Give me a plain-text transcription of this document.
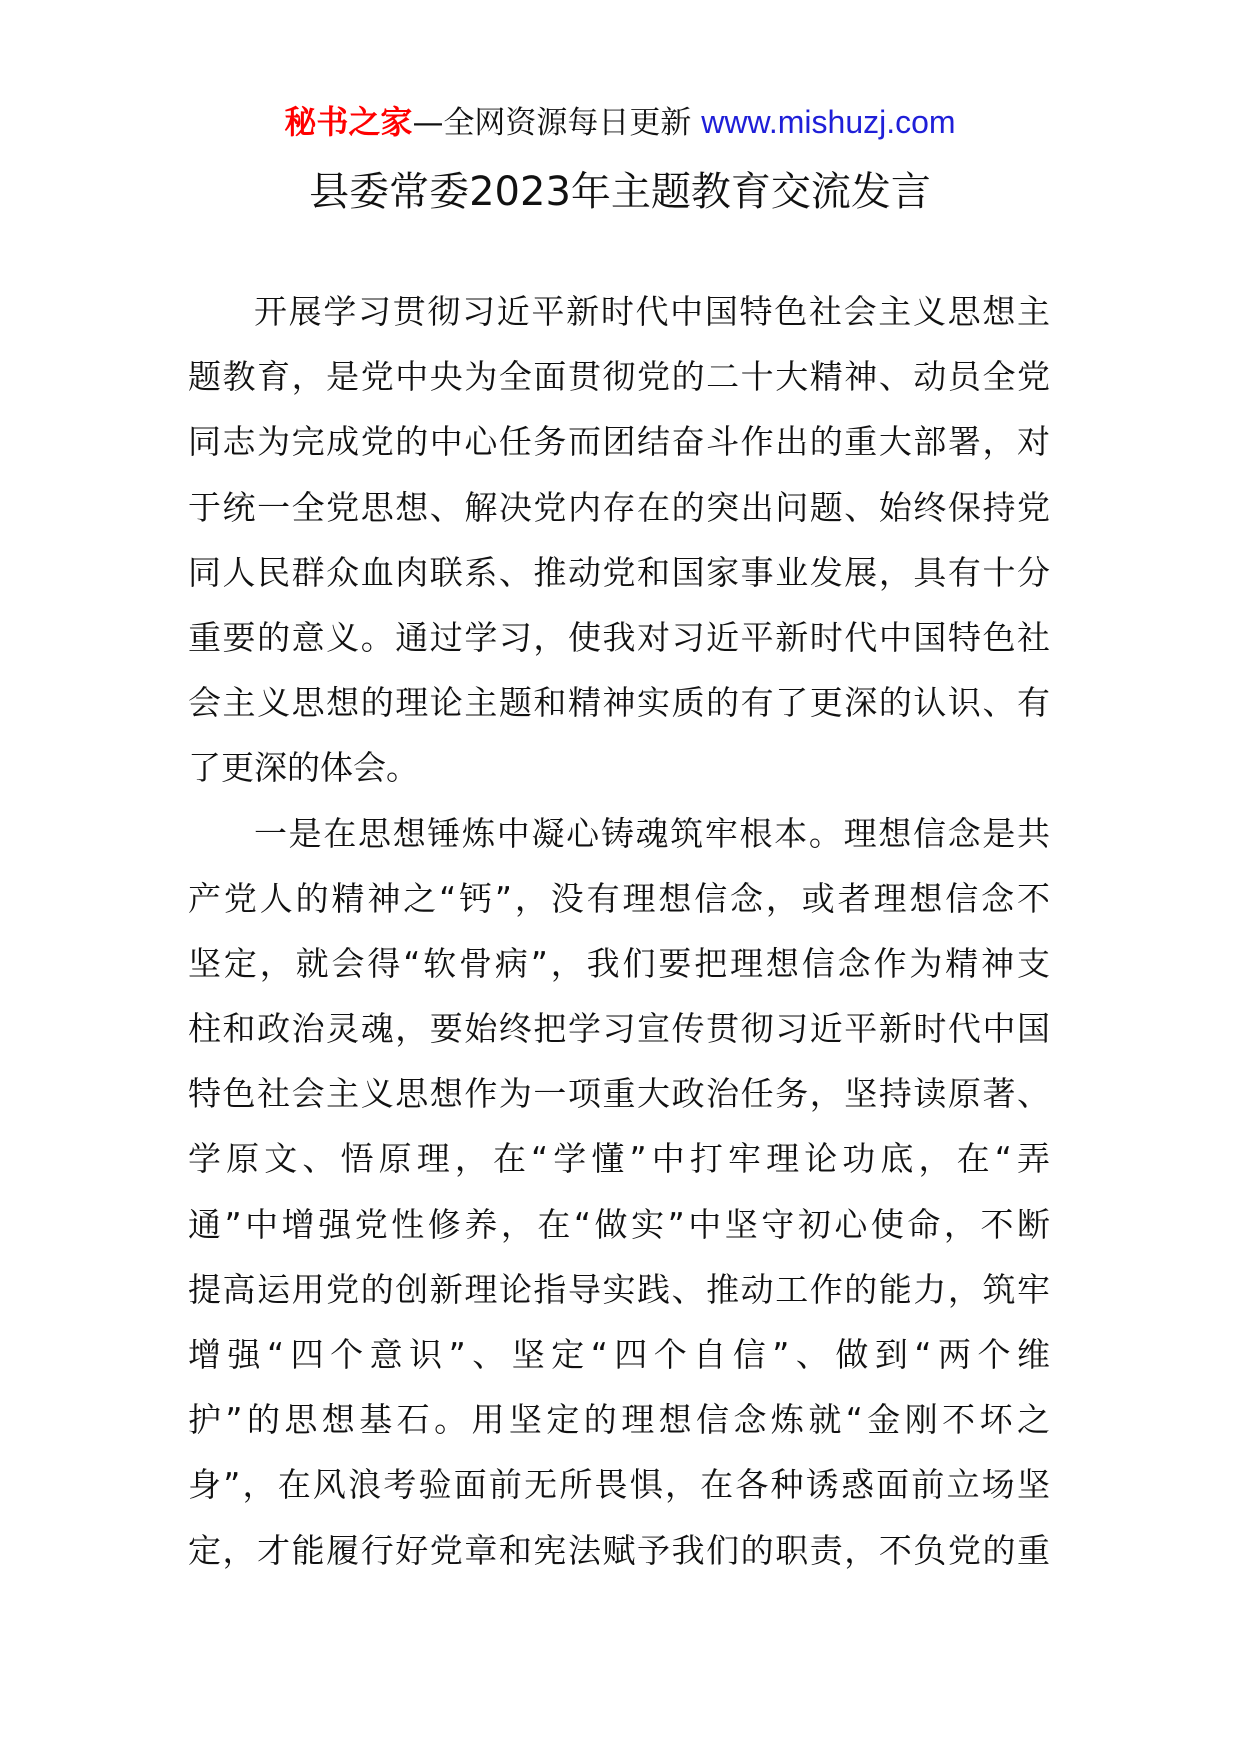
秘书之家—全网资源每日更新 www.mishuzj.com
县委常委2023年主题教育交流发言
开展学习贯彻习近平新时代中国特色社会主义思想主
题教育，是党中央为全面贯彻党的二十大精神、动员全党
同志为完成党的中心任务而团结奋斗作出的重大部署，对
于统一全党思想、解决党内存在的突出问题、始终保持党
同人民群众血肉联系、推动党和国家事业发展，具有十分
重要的意义。通过学习，使我对习近平新时代中国特色社
会主义思想的理论主题和精神实质的有了更深的认识、有
了更深的体会。
一是在思想锤炼中凝心铸魂筑牢根本。理想信念是共
产党人的精神之“钙”，没有理想信念，或者理想信念不
坚定，就会得“软骨病”，我们要把理想信念作为精神支
柱和政治灵魂，要始终把学习宣传贯彻习近平新时代中国
特色社会主义思想作为一项重大政治任务，坚持读原著、
学原文、悟原理，在“学懂”中打牢理论功底，在“弄
通”中增强党性修养，在“做实”中坚守初心使命，不断
提高运用党的创新理论指导实践、推动工作的能力，筑牢
增强“四个意识”、坚定“四个自信”、做到“两个维
护”的思想基石。用坚定的理想信念炼就“金刚不坏之
身”，在风浪考验面前无所畏惧，在各种诱惑面前立场坚
定，才能履行好党章和宪法赋予我们的职责，不负党的重
